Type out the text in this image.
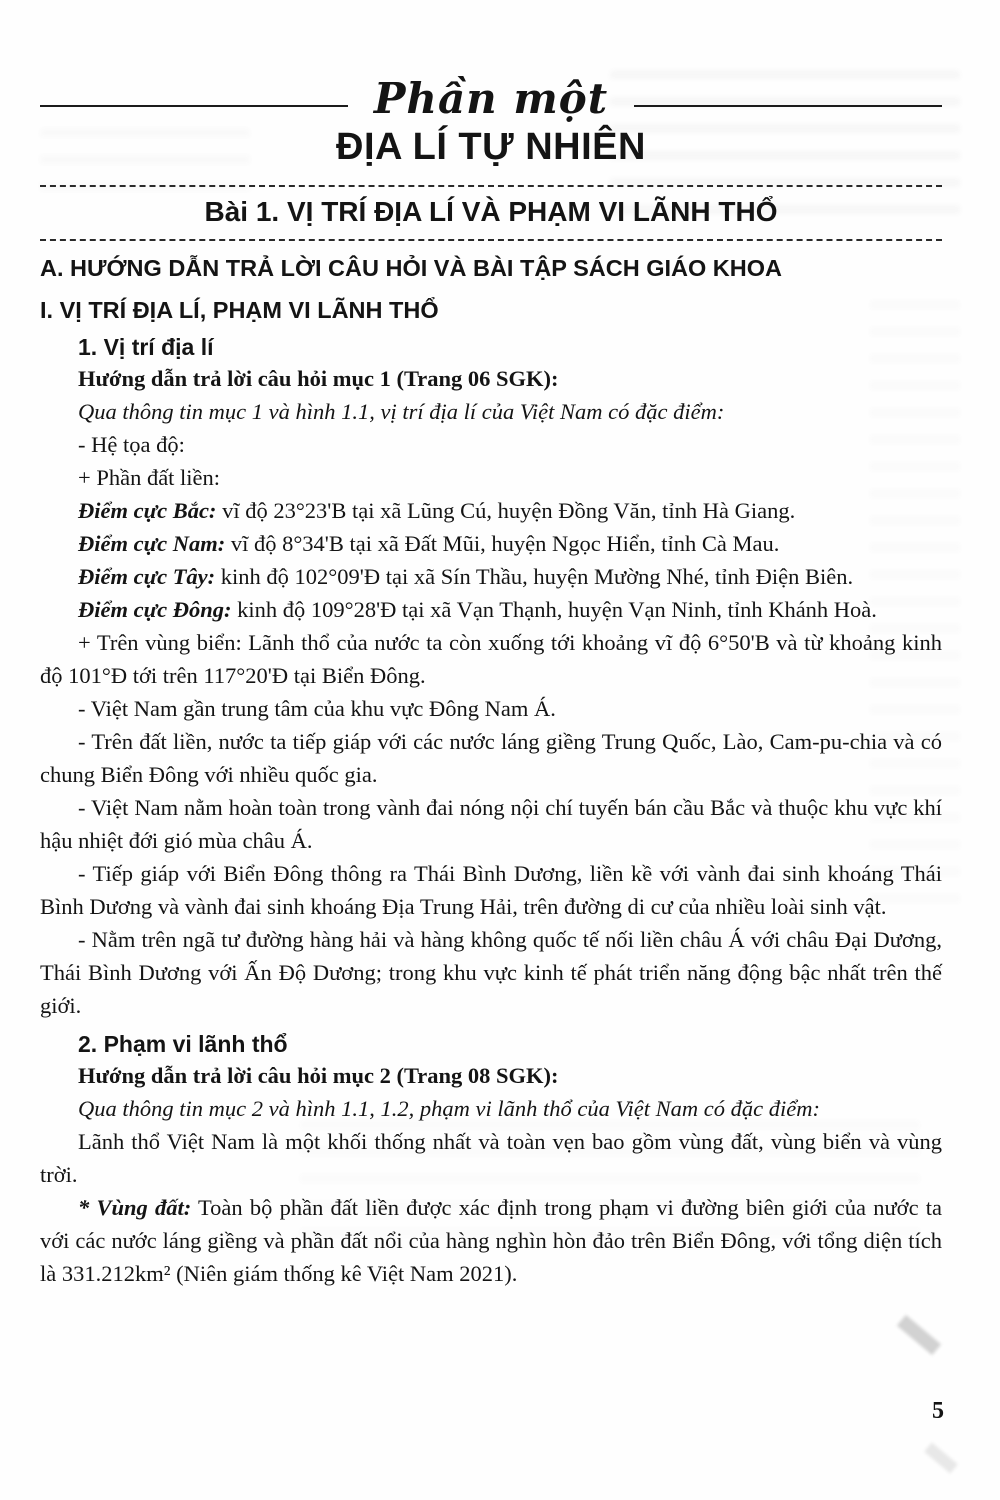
Phần một
ĐỊA LÍ TỰ NHIÊN
Bài 1. VỊ TRÍ ĐỊA LÍ VÀ PHẠM VI LÃNH THỔ
A. HƯỚNG DẪN TRẢ LỜI CÂU HỎI VÀ BÀI TẬP SÁCH GIÁO KHOA
I. VỊ TRÍ ĐỊA LÍ, PHẠM VI LÃNH THỔ
1. Vị trí địa lí

Hướng dẫn trả lời câu hỏi mục 1 (Trang 06 SGK):

Qua thông tin mục 1 và hình 1.1, vị trí địa lí của Việt Nam có đặc điểm:

- Hệ tọa độ:

+ Phần đất liền:

Điểm cực Bắc: vĩ độ 23°23'B tại xã Lũng Cú, huyện Đồng Văn, tỉnh Hà Giang.

Điểm cực Nam: vĩ độ 8°34'B tại xã Đất Mũi, huyện Ngọc Hiển, tỉnh Cà Mau.

Điểm cực Tây: kinh độ 102°09'Đ tại xã Sín Thầu, huyện Mường Nhé, tỉnh Điện Biên.

Điểm cực Đông: kinh độ 109°28'Đ tại xã Vạn Thạnh, huyện Vạn Ninh, tỉnh Khánh Hoà.

+ Trên vùng biển: Lãnh thổ của nước ta còn xuống tới khoảng vĩ độ 6°50'B và từ khoảng kinh độ 101°Đ tới trên 117°20'Đ tại Biển Đông.

- Việt Nam gần trung tâm của khu vực Đông Nam Á.

- Trên đất liền, nước ta tiếp giáp với các nước láng giềng Trung Quốc, Lào, Cam-pu-chia và có chung Biển Đông với nhiều quốc gia.

- Việt Nam nằm hoàn toàn trong vành đai nóng nội chí tuyến bán cầu Bắc và thuộc khu vực khí hậu nhiệt đới gió mùa châu Á.

- Tiếp giáp với Biển Đông thông ra Thái Bình Dương, liền kề với vành đai sinh khoáng Thái Bình Dương và vành đai sinh khoáng Địa Trung Hải, trên đường di cư của nhiều loài sinh vật.

- Nằm trên ngã tư đường hàng hải và hàng không quốc tế nối liền châu Á với châu Đại Dương, Thái Bình Dương với Ấn Độ Dương; trong khu vực kinh tế phát triển năng động bậc nhất trên thế giới.

2. Phạm vi lãnh thổ

Hướng dẫn trả lời câu hỏi mục 2 (Trang 08 SGK):

Qua thông tin mục 2 và hình 1.1, 1.2, phạm vi lãnh thổ của Việt Nam có đặc điểm:

Lãnh thổ Việt Nam là một khối thống nhất và toàn vẹn bao gồm vùng đất, vùng biển và vùng trời.

* Vùng đất: Toàn bộ phần đất liền được xác định trong phạm vi đường biên giới của nước ta với các nước láng giềng và phần đất nổi của hàng nghìn hòn đảo trên Biển Đông, với tổng diện tích là 331.212km² (Niên giám thống kê Việt Nam 2021).

5
